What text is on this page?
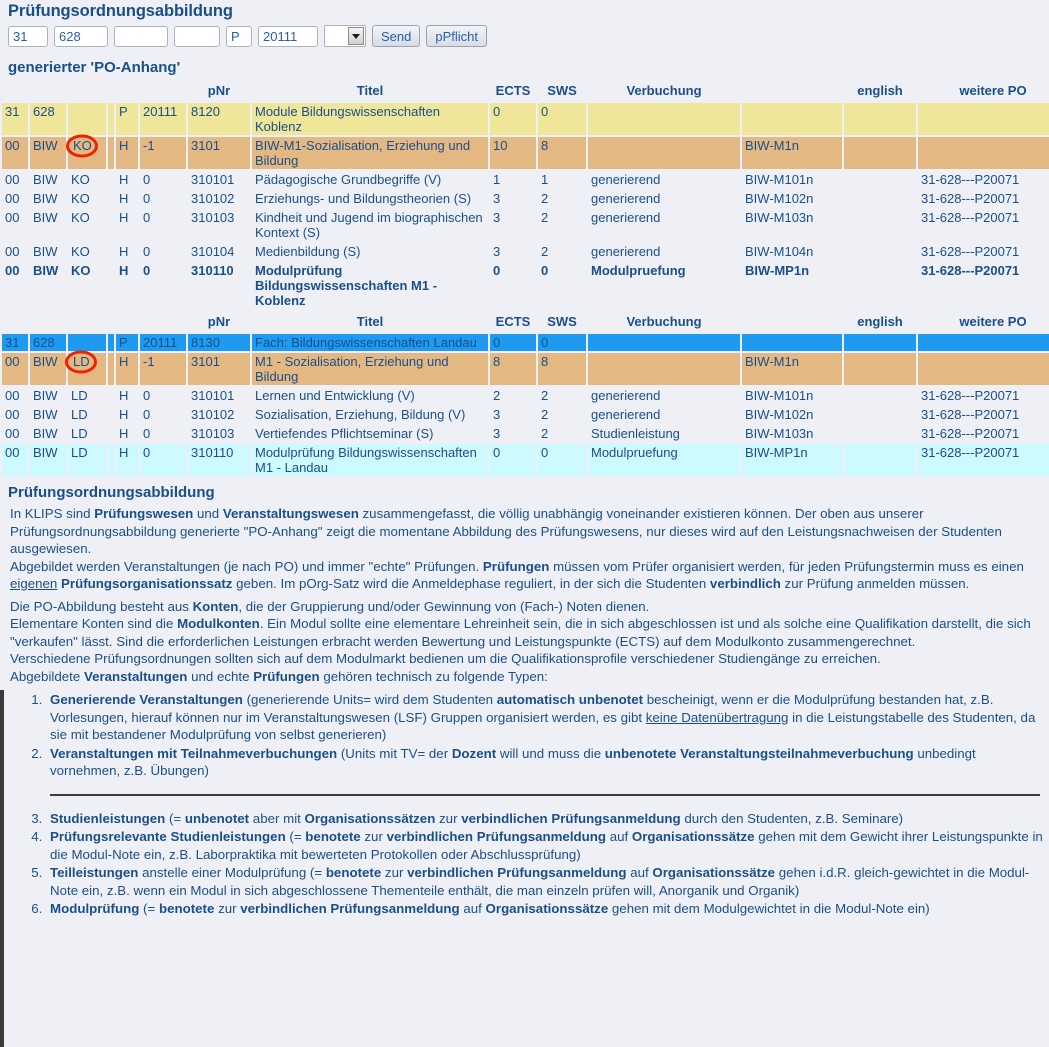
Prüfungsordnungsabbildung
31
628
P
20111
Send	pPflicht
generierter 'PO-Anhang'
						pNr	Titel	ECTS	SWS	Verbuchung		english	weitere PO
31	628			P	20111	8120	Module Bildungswissenschaften Koblenz	0	0				
00	BIW	KO		H	-1	3101	BIW-M1-Sozialisation, Erziehung und Bildung	10	8		BIW-M1n		
00	BIW	KO		H	0	310101	Pädagogische Grundbegriffe (V)	1	1	generierend	BIW-M101n		31-628---P20071
00	BIW	KO		H	0	310102	Erziehungs- und Bildungstheorien (S)	3	2	generierend	BIW-M102n		31-628---P20071
00	BIW	KO		H	0	310103	Kindheit und Jugend im biographischen Kontext (S)	3	2	generierend	BIW-M103n		31-628---P20071
00	BIW	KO		H	0	310104	Medienbildung (S)	3	2	generierend	BIW-M104n		31-628---P20071
00	BIW	KO		H	0	310110	Modulprüfung Bildungswissenschaften M1 - Koblenz	0	0	Modulpruefung	BIW-MP1n		31-628---P20071
						pNr	Titel	ECTS	SWS	Verbuchung		english	weitere PO
31	628			P	20111	8130	Fach: Bildungswissenschaften Landau	0	0				
00	BIW	LD		H	-1	3101	M1 - Sozialisation, Erziehung und Bildung	8	8		BIW-M1n		
00	BIW	LD		H	0	310101	Lernen und Entwicklung (V)	2	2	generierend	BIW-M101n		31-628---P20071
00	BIW	LD		H	0	310102	Sozialisation, Erziehung, Bildung (V)	3	2	generierend	BIW-M102n		31-628---P20071
00	BIW	LD		H	0	310103	Vertiefendes Pflichtseminar (S)	3	2	Studienleistung	BIW-M103n		31-628---P20071
00	BIW	LD		H	0	310110	Modulprüfung Bildungswissenschaften M1 - Landau	0	0	Modulpruefung	BIW-MP1n		31-628---P20071
Prüfungsordnungsabbildung

In KLIPS sind Prüfungswesen und Veranstaltungswesen zusammengefasst, die völlig unabhängig voneinander existieren können. Der oben aus unserer Prüfungsordnungsabbildung generierte "PO-Anhang" zeigt die momentane Abbildung des Prüfungswesens, nur dieses wird auf den Leistungsnachweisen der Studenten ausgewiesen.

Abgebildet werden Veranstaltungen (je nach PO) und immer "echte" Prüfungen. Prüfungen müssen vom Prüfer organisiert werden, für jeden Prüfungstermin muss es einen eigenen Prüfungsorganisationssatz geben. Im pOrg-Satz wird die Anmeldephase reguliert, in der sich die Studenten verbindlich zur Prüfung anmelden müssen.

Die PO-Abbildung besteht aus Konten, die der Gruppierung und/oder Gewinnung von (Fach-) Noten dienen.

Elementare Konten sind die Modulkonten. Ein Modul sollte eine elementare Lehreinheit sein, die in sich abgeschlossen ist und als solche eine Qualifikation darstellt, die sich "verkaufen" lässt. Sind die erforderlichen Leistungen erbracht werden Bewertung und Leistungspunkte (ECTS) auf dem Modulkonto zusammengerechnet.

Verschiedene Prüfungsordnungen sollten sich auf dem Modulmarkt bedienen um die Qualifikationsprofile verschiedener Studiengänge zu erreichen.

Abgebildete Veranstaltungen und echte Prüfungen gehören technisch zu folgende Typen:

1. Generierende Veranstaltungen (generierende Units= wird dem Studenten automatisch unbenotet bescheinigt, wenn er die Modulprüfung bestanden hat, z.B. Vorlesungen, hierauf können nur im Veranstaltungswesen (LSF) Gruppen organisiert werden, es gibt keine Datenübertragung in die Leistungstabelle des Studenten, da sie mit bestandener Modulprüfung von selbst generieren)
2. Veranstaltungen mit Teilnahmeverbuchungen (Units mit TV= der Dozent will und muss die unbenotete Veranstaltungsteilnahmeverbuchung unbedingt vornehmen, z.B. Übungen)
3. Studienleistungen (= unbenotet aber mit Organisationssätzen zur verbindlichen Prüfungsanmeldung durch den Studenten, z.B. Seminare)
4. Prüfungsrelevante Studienleistungen (= benotete zur verbindlichen Prüfungsanmeldung auf Organisationssätze gehen mit dem Gewicht ihrer Leistungspunkte in die Modul-Note ein, z.B. Laborpraktika mit bewerteten Protokollen oder Abschlussprüfung)
5. Teilleistungen anstelle einer Modulprüfung (= benotete zur verbindlichen Prüfungsanmeldung auf Organisationssätze gehen i.d.R. gleich-gewichtet in die Modul-Note ein, z.B. wenn ein Modul in sich abgeschlossene Thementeile enthält, die man einzeln prüfen will, Anorganik und Organik)
6. Modulprüfung (= benotete zur verbindlichen Prüfungsanmeldung auf Organisationssätze gehen mit dem Modulgewichtet in die Modul-Note ein)
